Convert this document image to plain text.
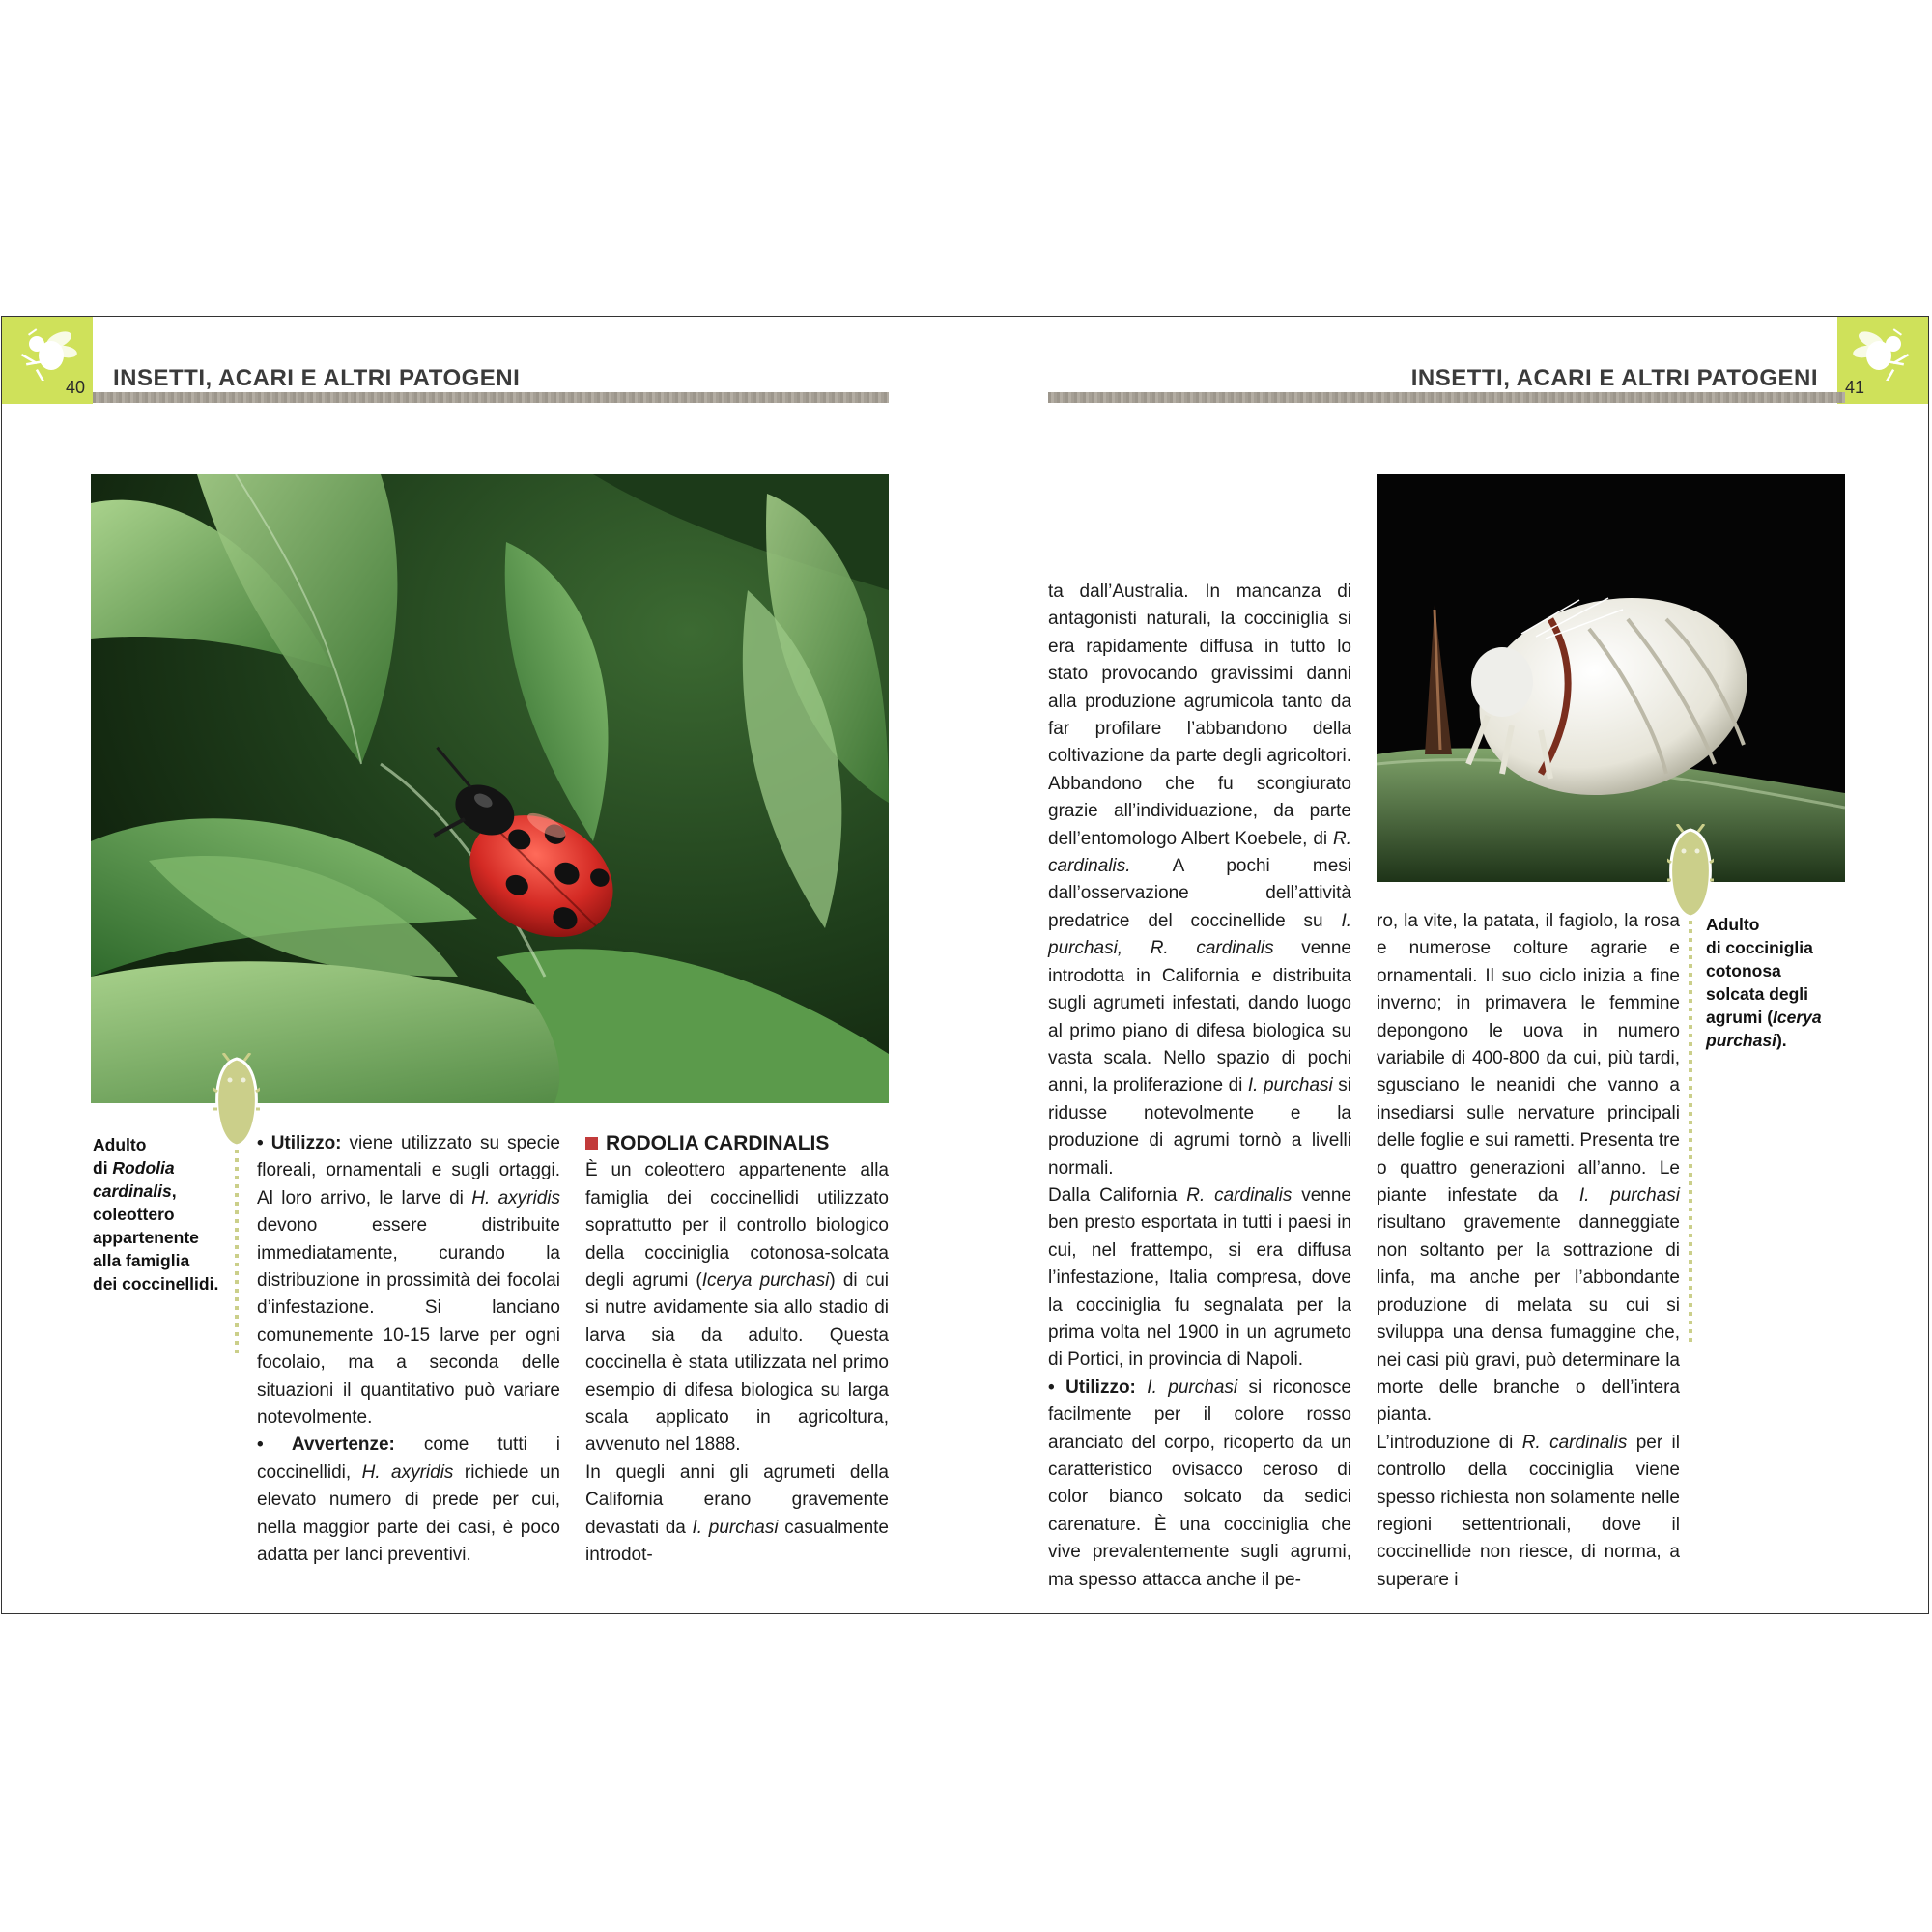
40 INSETTI, ACARI E ALTRI PATOGENI	41
INSETTI, ACARI E ALTRI PATOGENI
Adulto
di Rodolia
cardinalis,
coleottero
appartenente
alla famiglia
dei coccinellidi.
Adulto
di cocciniglia
cotonosa
solcata degli
agrumi (Icerya
purchasi).

• Utilizzo: viene utilizzato su specie floreali, ornamentali e sugli ortaggi. Al loro arrivo, le larve di H. axyridis devono essere distribuite immediatamente, curando la distribuzione in prossimità dei focolai d’infestazione. Si lanciano comunemente 10-15 larve per ogni focolaio, ma a seconda delle situazioni il quantitativo può variare notevolmente.

• Avvertenze: come tutti i coccinellidi, H. axyridis richiede un elevato numero di prede per cui, nella maggior parte dei casi, è poco adatta per lanci preventivi.

RODOLIA CARDINALIS

È un coleottero appartenente alla famiglia dei coccinellidi utilizzato soprattutto per il controllo biologico della cocciniglia cotonosa-solcata degli agrumi (Icerya purchasi) di cui si nutre avidamente sia allo stadio di larva sia da adulto. Questa coccinella è stata utilizzata nel primo esempio di difesa biologica su larga scala applicato in agricoltura, avvenuto nel 1888.

In quegli anni gli agrumeti della California erano gravemente devastati da I. purchasi casualmente introdot-

ta dall’Australia. In mancanza di antagonisti naturali, la cocciniglia si era rapidamente diffusa in tutto lo stato provocando gravissimi danni alla produzione agrumicola tanto da far profilare l’abbandono della coltivazione da parte degli agricoltori. Abbandono che fu scongiurato grazie all’individuazione, da parte dell’entomologo Albert Koebele, di R. cardinalis. A pochi mesi dall’osservazione dell’attività predatrice del coccinellide su I. purchasi, R. cardinalis venne introdotta in California e distribuita sugli agrumeti infestati, dando luogo al primo piano di difesa biologica su vasta scala. Nello spazio di pochi anni, la proliferazione di I. purchasi si ridusse notevolmente e la produzione di agrumi tornò a livelli normali.

Dalla California R. cardinalis venne ben presto esportata in tutti i paesi in cui, nel frattempo, si era diffusa l’infestazione, Italia compresa, dove la cocciniglia fu segnalata per la prima volta nel 1900 in un agrumeto di Portici, in provincia di Napoli.

• Utilizzo: I. purchasi si riconosce facilmente per il colore rosso aranciato del corpo, ricoperto da un caratteristico ovisacco ceroso di color bianco solcato da sedici carenature. È una cocciniglia che vive prevalentemente sugli agrumi, ma spesso attacca anche il pe-

ro, la vite, la patata, il fagiolo, la rosa e numerose colture agrarie e ornamentali. Il suo ciclo inizia a fine inverno; in primavera le femmine depongono le uova in numero variabile di 400-800 da cui, più tardi, sgusciano le neanidi che vanno a insediarsi sulle nervature principali delle foglie e sui rametti. Presenta tre o quattro generazioni all’anno. Le piante infestate da I. purchasi risultano gravemente danneggiate non soltanto per la sottrazione di linfa, ma anche per l’abbondante produzione di melata su cui si sviluppa una densa fumaggine che, nei casi più gravi, può determinare la morte delle branche o dell’intera pianta.

L’introduzione di R. cardinalis per il controllo della cocciniglia viene spesso richiesta non solamente nelle regioni settentrionali, dove il coccinellide non riesce, di norma, a superare i
